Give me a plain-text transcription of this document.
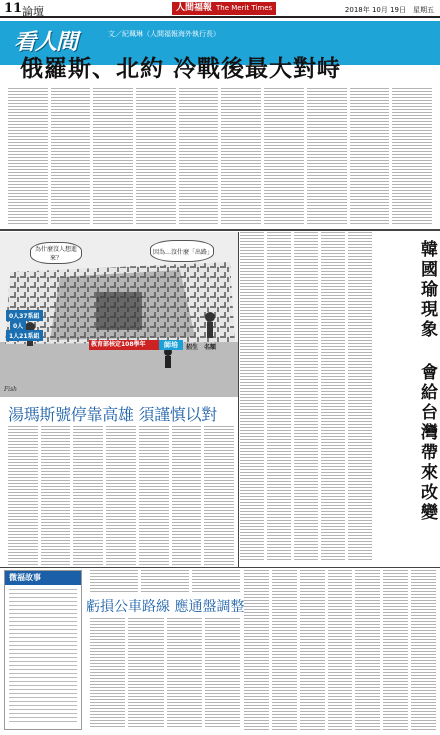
11 論壇	人間福報 The Merit Times	2018年 10月 19日　星期五
看人間	文／紀珮琳（人間福報海外執行長）
俄羅斯、北約 冷戰後最大對峙
為什麼沒人想進來？
因為…沒什麼「出路」
0人37系組
0人
1人21系組
教育部核定108學年	師培	招生　名額
Fish
湯瑪斯號停靠高雄 須謹慎以對	韓國瑜現象 會給台灣帶來改變
微福故事
虧損公車路線 應通盤調整
